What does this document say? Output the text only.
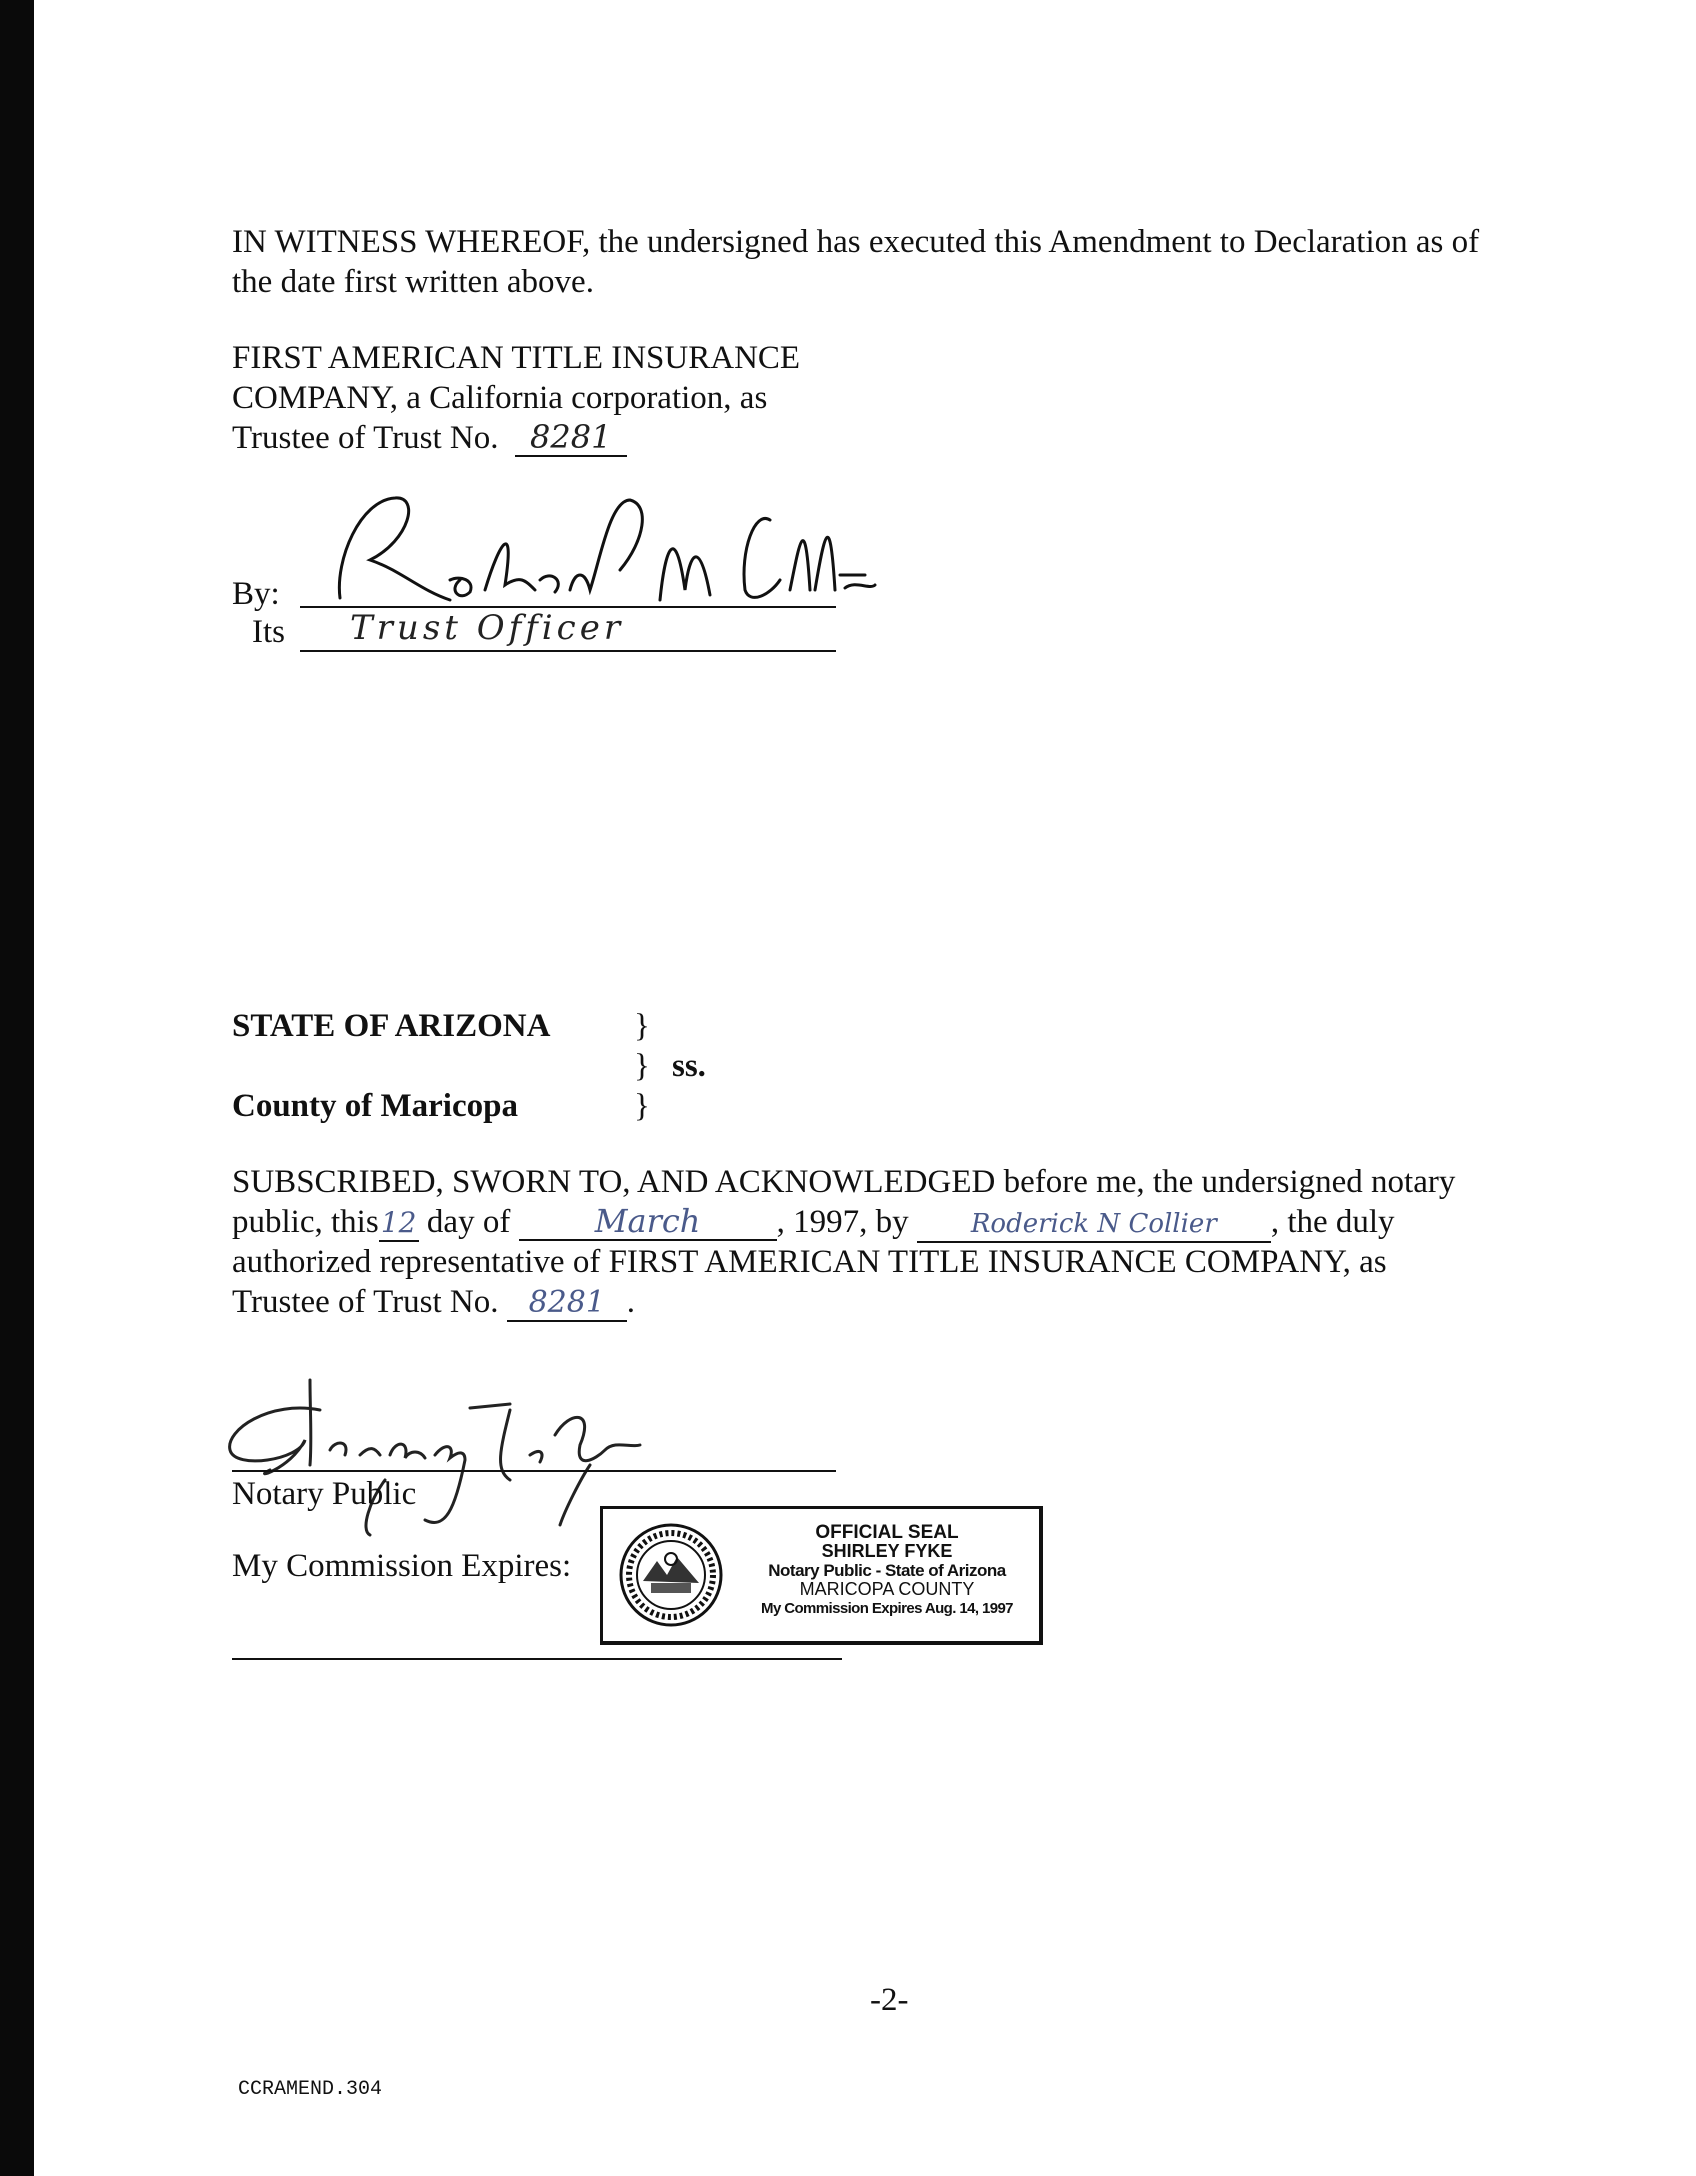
IN WITNESS WHEREOF, the undersigned has executed this Amendment to Declaration as of
the date first written above.
FIRST AMERICAN TITLE INSURANCE
COMPANY, a California corporation, as
Trustee of Trust No. 8281
By:
Its Trust Officer
STATE OF ARIZONA
County of Maricopa
}
}
}
ss.
SUBSCRIBED, SWORN TO, AND ACKNOWLEDGED before me, the undersigned notary
public, this12 day of	March , 1997, by Roderick N Collier , the duly
authorized representative of FIRST AMERICAN TITLE INSURANCE COMPANY, as
Trustee of Trust No. 8281 .
Notary Public
My Commission Expires:
OFFICIAL SEAL
SHIRLEY FYKE
Notary Public - State of Arizona
MARICOPA COUNTY
My Commission Expires Aug. 14, 1997
-2-
CCRAMEND.304
